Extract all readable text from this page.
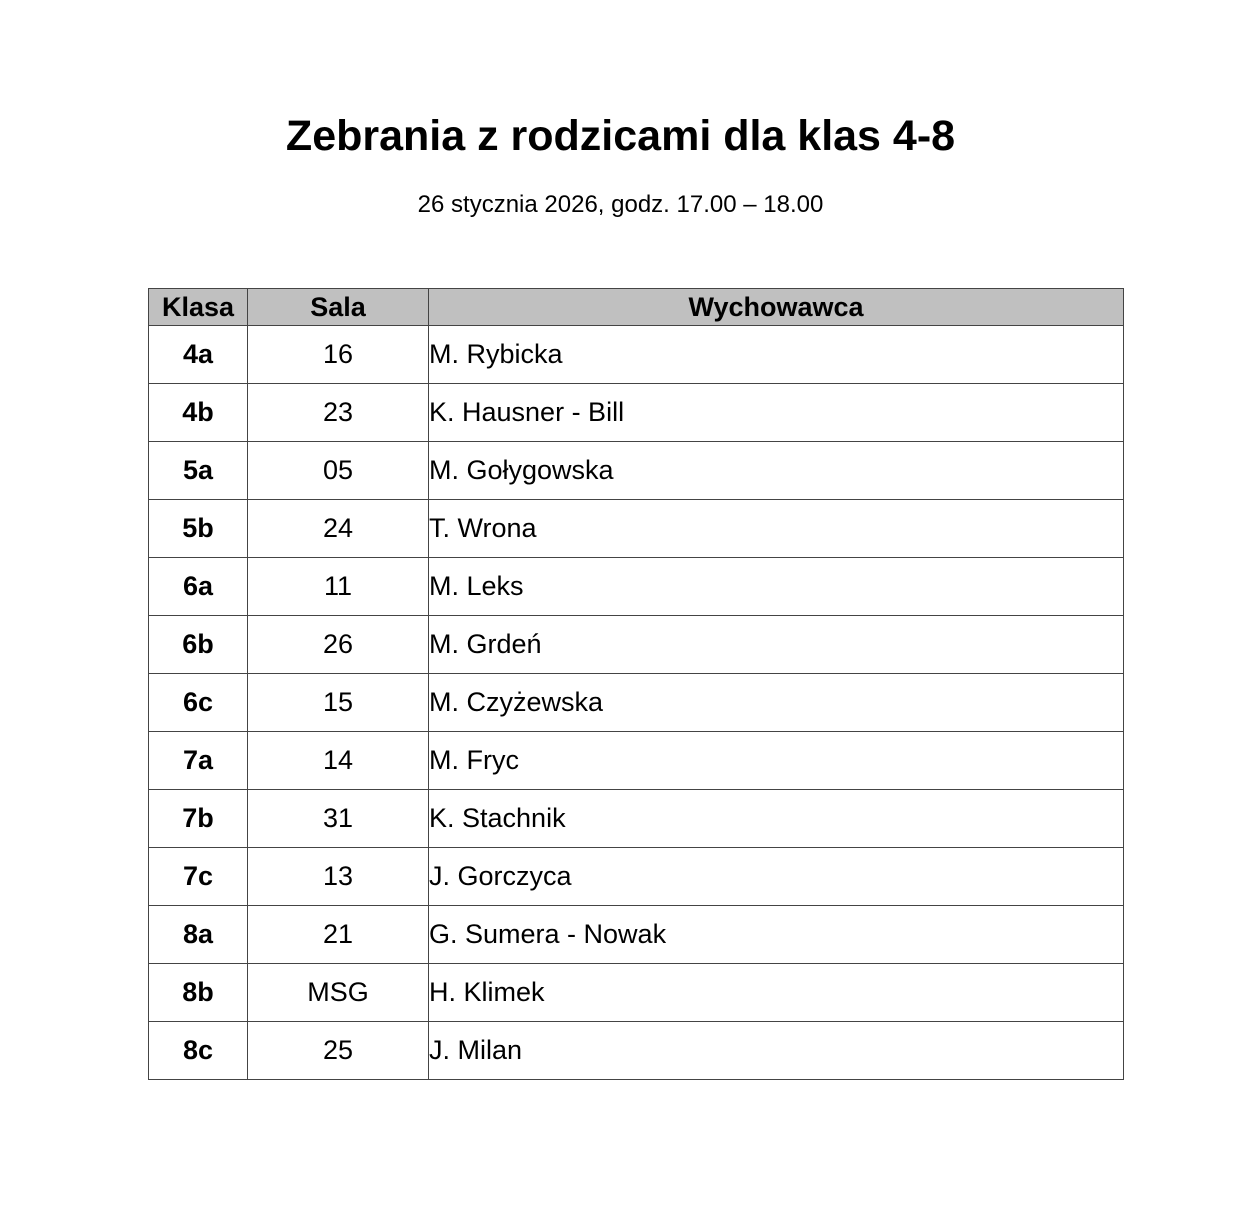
Zebrania z rodzicami dla klas 4-8

26 stycznia 2026, godz. 17.00 – 18.00

Klasa	Sala	Wychowawca
4a	16	M. Rybicka
4b	23	K. Hausner - Bill
5a	05	M. Gołygowska
5b	24	T. Wrona
6a	11	M. Leks
6b	26	M. Grdeń
6c	15	M. Czyżewska
7a	14	M. Fryc
7b	31	K. Stachnik
7c	13	J. Gorczyca
8a	21	G. Sumera - Nowak
8b	MSG	H. Klimek
8c	25	J. Milan
